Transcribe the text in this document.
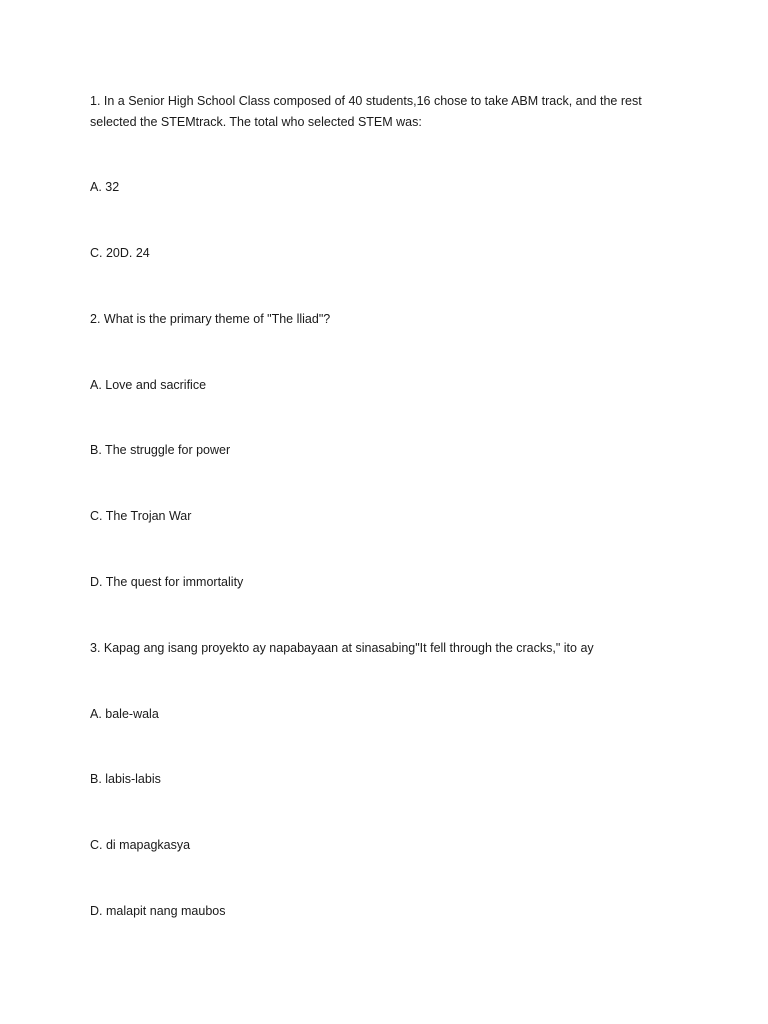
1. In a Senior High School Class composed of 40 students,16 chose to take ABM track, and the rest selected the STEMtrack. The total who selected STEM was:
A. 32
C. 20D. 24
2. What is the primary theme of "The lliad"?
A. Love and sacrifice
B. The struggle for power
C. The Trojan War
D. The quest for immortality
3. Kapag ang isang proyekto ay napabayaan at sinasabing"It fell through the cracks," ito ay
A. bale-wala
B. labis-labis
C. di mapagkasya
D. malapit nang maubos
